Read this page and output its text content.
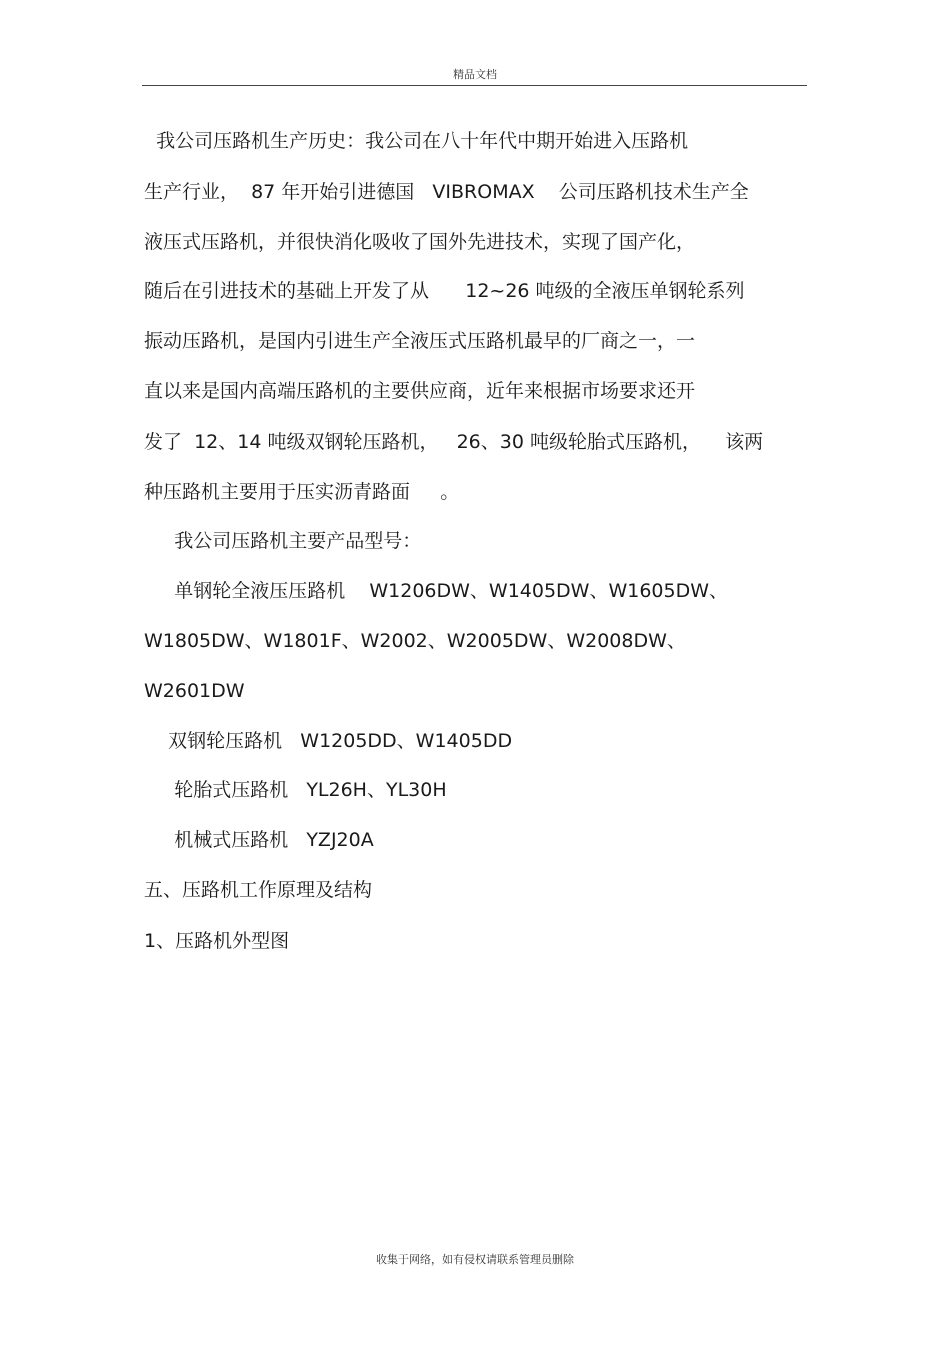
精品文档
我公司压路机生产历史：我公司在八十年代中期开始进入压路机
生产行业，  87 年开始引进德国   VIBROMAX    公司压路机技术生产全
液压式压路机，并很快消化吸收了国外先进技术，实现了国产化，
随后在引进技术的基础上开发了从      12~26 吨级的全液压单钢轮系列
振动压路机，是国内引进生产全液压式压路机最早的厂商之一，一
直以来是国内高端压路机的主要供应商，近年来根据市场要求还开
发了  12、14 吨级双钢轮压路机，   26、30 吨级轮胎式压路机，    该两
种压路机主要用于压实沥青路面     。
我公司压路机主要产品型号：
单钢轮全液压压路机    W1206DW、W1405DW、W1605DW、
W1805DW、W1801F、W2002、W2005DW、W2008DW、
W2601DW
双钢轮压路机   W1205DD、W1405DD
轮胎式压路机   YL26H、YL30H
机械式压路机   YZJ20A
五、压路机工作原理及结构
1、压路机外型图
收集于网络，如有侵权请联系管理员删除
